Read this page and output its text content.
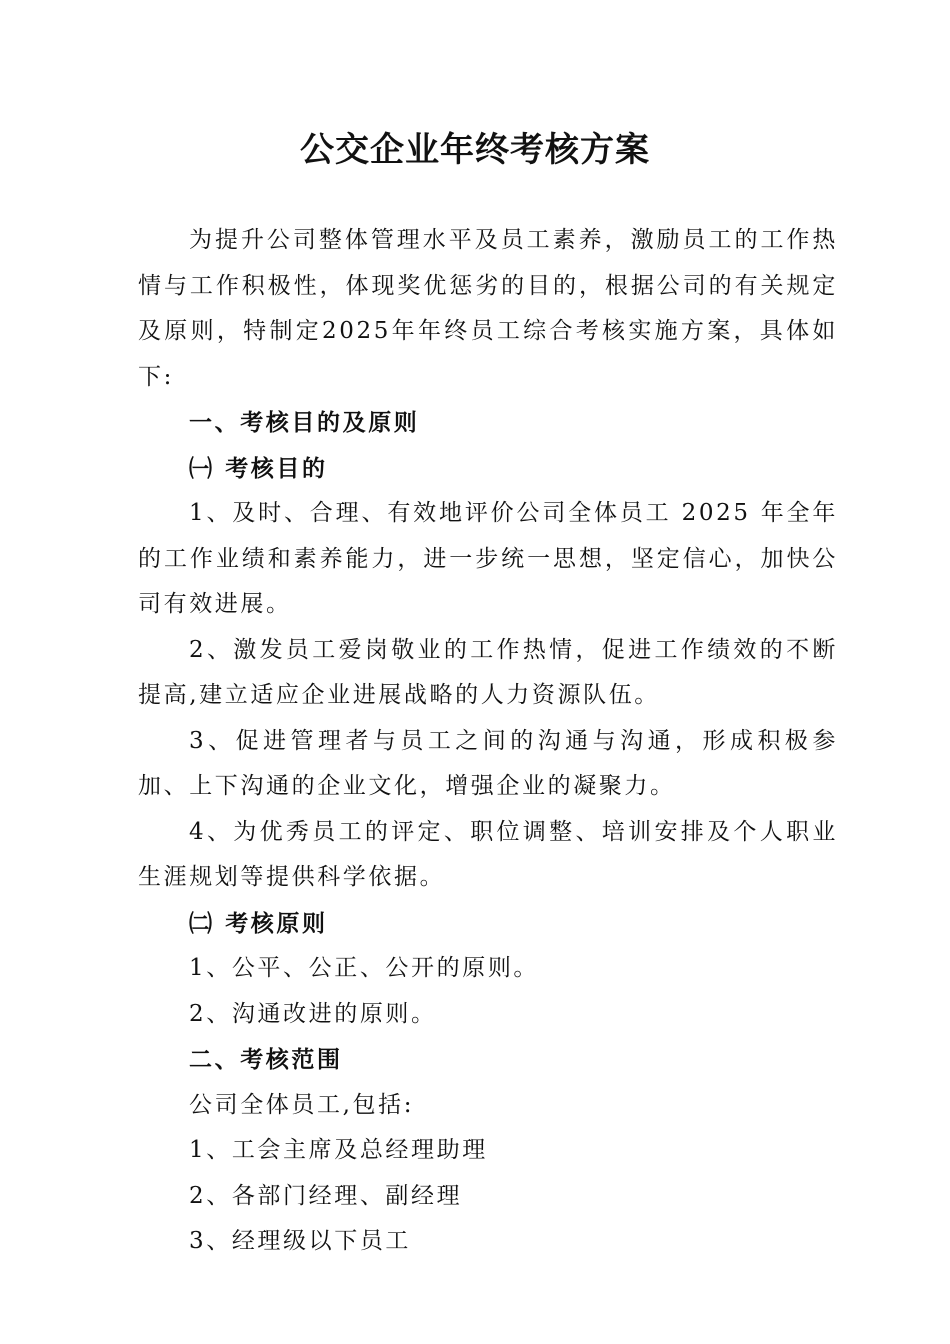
公交企业年终考核方案

为提升公司整体管理水平及员工素养，激励员工的工作热情与工作积极性，体现奖优惩劣的目的，根据公司的有关规定及原则，特制定2025年年终员工综合考核实施方案，具体如下:

一、考核目的及原则

㈠ 考核目的

1、及时、合理、有效地评价公司全体员工 2025 年全年的工作业绩和素养能力，进一步统一思想，坚定信心，加快公司有效进展。

2、激发员工爱岗敬业的工作热情，促进工作绩效的不断提高,建立适应企业进展战略的人力资源队伍。

3、促进管理者与员工之间的沟通与沟通，形成积极参加、上下沟通的企业文化，增强企业的凝聚力。

4、为优秀员工的评定、职位调整、培训安排及个人职业生涯规划等提供科学依据。

㈡ 考核原则

1、公平、公正、公开的原则。

2、沟通改进的原则。

二、考核范围

公司全体员工,包括:

1、工会主席及总经理助理

2、各部门经理、副经理

3、经理级以下员工
